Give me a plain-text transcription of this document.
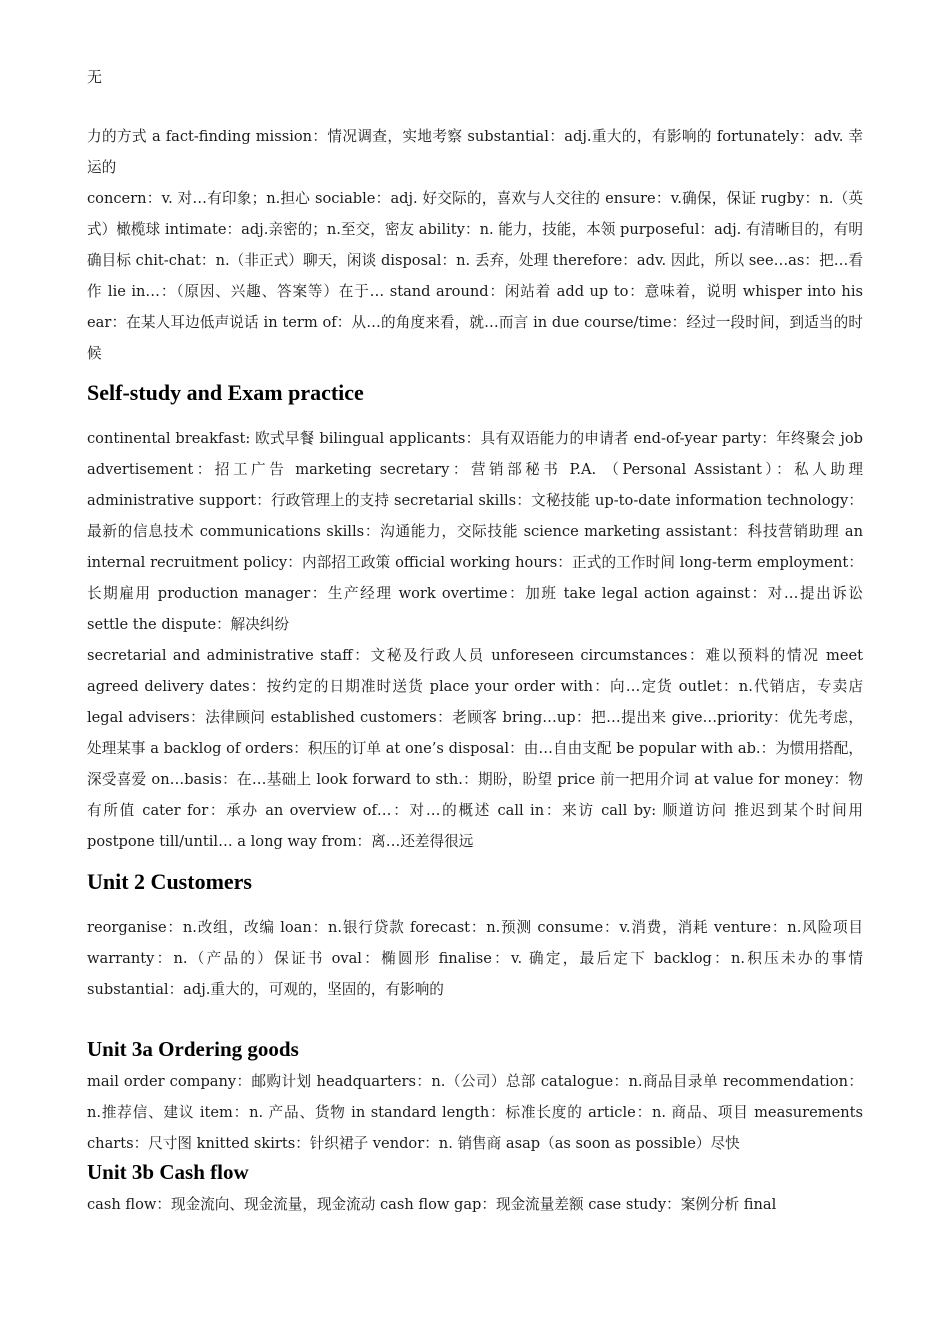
无
力的方式 a fact-finding mission：情况调查，实地考察 substantial：adj.重大的，有影响的 fortunately：adv. 幸运的
concern：v. 对…有印象；n.担心 sociable：adj. 好交际的，喜欢与人交往的 ensure：v.确保，保证 rugby：n.（英式）橄榄球 intimate：adj.亲密的；n.至交，密友 ability：n. 能力，技能，本领 purposeful：adj. 有清晰目的，有明确目标 chit-chat：n.（非正式）聊天，闲谈 disposal：n. 丢弃，处理 therefore：adv. 因此，所以 see…as：把…看作 lie in…：（原因、兴趣、答案等）在于… stand around：闲站着 add up to：意味着，说明 whisper into his ear：在某人耳边低声说话 in term of：从…的角度来看，就…而言 in due course/time：经过一段时间，到适当的时候
Self-study and Exam practice
continental breakfast: 欧式早餐 bilingual applicants：具有双语能力的申请者 end-of-year party：年终聚会 job advertisement：招工广告 marketing secretary：营销部秘书 P.A. （Personal Assistant）：私人助理 administrative support：行政管理上的支持 secretarial skills：文秘技能 up-to-date information technology：最新的信息技术 communications skills：沟通能力，交际技能 science marketing assistant：科技营销助理 an internal recruitment policy：内部招工政策 official working hours：正式的工作时间 long-term employment：长期雇用 production manager：生产经理 work overtime：加班 take legal action against：对…提出诉讼 settle the dispute：解决纠纷
secretarial and administrative staff：文秘及行政人员 unforeseen circumstances：难以预料的情况 meet agreed delivery dates：按约定的日期准时送货 place your order with：向…定货 outlet：n.代销店，专卖店 legal advisers：法律顾问 established customers：老顾客 bring…up：把…提出来 give…priority：优先考虑，处理某事 a backlog of orders：积压的订单 at one’s disposal：由…自由支配 be popular with ab.：为惯用搭配，深受喜爱 on…basis：在…基础上 look forward to sth.：期盼，盼望 price 前一把用介词 at value for money：物有所值 cater for：承办 an overview of…：对…的概述 call in：来访 call by: 顺道访问 推迟到某个时间用 postpone till/until… a long way from：离…还差得很远
Unit 2 Customers
reorganise：n.改组，改编 loan：n.银行贷款 forecast：n.预测 consume：v.消费，消耗 venture：n.风险项目 warranty：n.（产品的）保证书 oval：椭圆形 finalise：v. 确定，最后定下 backlog：n.积压未办的事情 substantial：adj.重大的，可观的，坚固的，有影响的
Unit 3a Ordering goods
mail order company：邮购计划 headquarters：n.（公司）总部 catalogue：n.商品目录单 recommendation：n.推荐信、建议 item：n. 产品、货物 in standard length：标准长度的 article：n. 商品、项目 measurements charts：尺寸图 knitted skirts：针织裙子 vendor：n. 销售商 asap（as soon as possible）尽快
Unit 3b Cash flow
cash flow：现金流向、现金流量，现金流动 cash flow gap：现金流量差额 case study：案例分析 final
